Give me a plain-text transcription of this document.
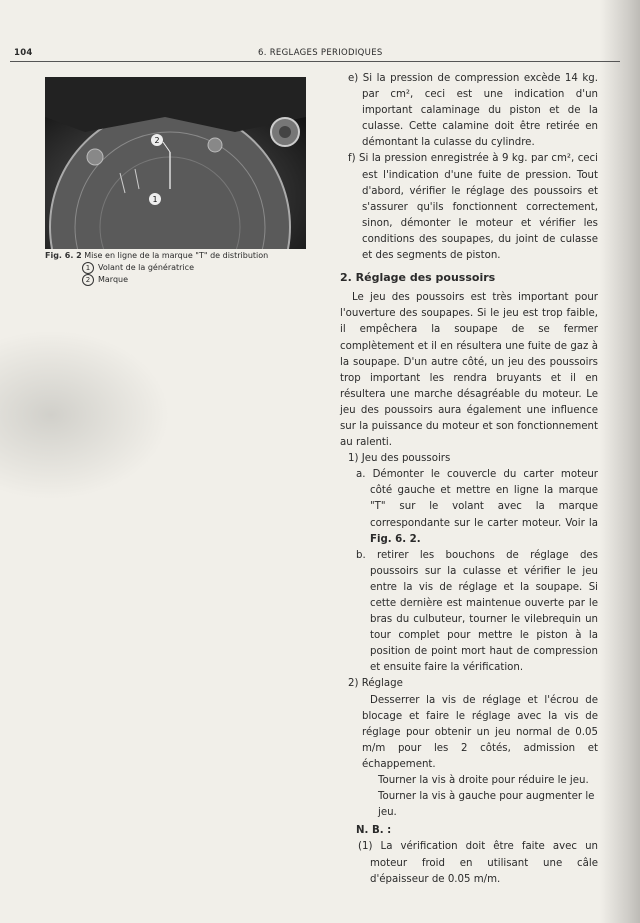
104	6. REGLAGES PERIODIQUES
2
1
Fig. 6. 2 Mise en ligne de la marque "T" de distribution
1 Volant de la génératrice
2 Marque
e) Si la pression de compression excède 14 kg. par cm², ceci est une indication d'un important calaminage du piston et de la culasse. Cette calamine doit être retirée en démontant la culasse du cylindre.
f) Si la pression enregistrée à 9 kg. par cm², ceci est l'indication d'une fuite de pression. Tout d'abord, vérifier le réglage des poussoirs et s'assurer qu'ils fonctionnent correctement, sinon, démonter le moteur et vérifier les conditions des soupapes, du joint de culasse et des segments de piston.
2. Réglage des poussoirs
Le jeu des poussoirs est très important pour l'ouverture des soupapes. Si le jeu est trop faible, il empêchera la soupape de se fermer complètement et il en résultera une fuite de gaz à la soupape. D'un autre côté, un jeu des poussoirs trop important les rendra bruyants et il en résultera une marche désagréable du moteur. Le jeu des poussoirs aura également une influence sur la puissance du moteur et son fonctionnement au ralenti.
1) Jeu des poussoirs
a. Démonter le couvercle du carter moteur côté gauche et mettre en ligne la marque "T" sur le volant avec la marque correspondante sur le carter moteur. Voir la Fig. 6. 2.
b. retirer les bouchons de réglage des poussoirs sur la culasse et vérifier le jeu entre la vis de réglage et la soupape. Si cette dernière est maintenue ouverte par le bras du culbuteur, tourner le vilebrequin un tour complet pour mettre le piston à la position de point mort haut de compression et ensuite faire la vérification.
2) Réglage
Desserrer la vis de réglage et l'écrou de blocage et faire le réglage avec la vis de réglage pour obtenir un jeu normal de 0.05 m/m pour les 2 côtés, admission et échappement.
Tourner la vis à droite pour réduire le jeu.
Tourner la vis à gauche pour augmenter le jeu.
N. B. :
(1) La vérification doit être faite avec un moteur froid en utilisant une câle d'épaisseur de 0.05 m/m.
